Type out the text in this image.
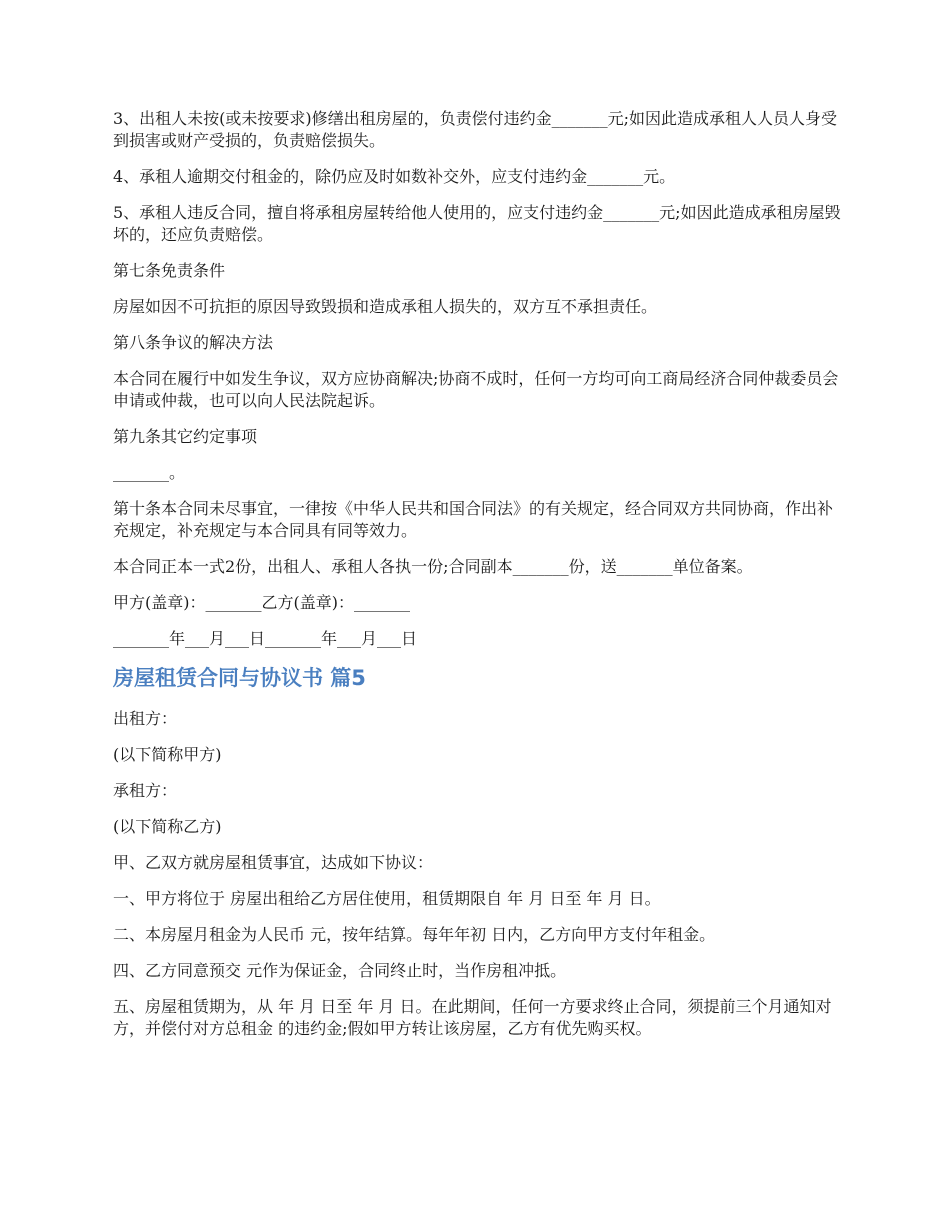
3、出租人未按(或未按要求)修缮出租房屋的，负责偿付违约金_______元;如因此造成承租人人员人身受到损害或财产受损的，负责赔偿损失。

4、承租人逾期交付租金的，除仍应及时如数补交外，应支付违约金_______元。

5、承租人违反合同，擅自将承租房屋转给他人使用的，应支付违约金_______元;如因此造成承租房屋毁坏的，还应负责赔偿。

第七条免责条件

房屋如因不可抗拒的原因导致毁损和造成承租人损失的，双方互不承担责任。

第八条争议的解决方法

本合同在履行中如发生争议，双方应协商解决;协商不成时，任何一方均可向工商局经济合同仲裁委员会申请或仲裁，也可以向人民法院起诉。

第九条其它约定事项

_______。

第十条本合同未尽事宜，一律按《中华人民共和国合同法》的有关规定，经合同双方共同协商，作出补充规定，补充规定与本合同具有同等效力。

本合同正本一式2份，出租人、承租人各执一份;合同副本_______份，送_______单位备案。

甲方(盖章)：_______乙方(盖章)：_______

_______年___月___日_______年___月___日

房屋租赁合同与协议书 篇5

出租方：

(以下简称甲方)

承租方：

(以下简称乙方)

甲、乙双方就房屋租赁事宜，达成如下协议：

一、甲方将位于 房屋出租给乙方居住使用，租赁期限自 年 月 日至 年 月 日。

二、本房屋月租金为人民币 元，按年结算。每年年初 日内，乙方向甲方支付年租金。

四、乙方同意预交 元作为保证金，合同终止时，当作房租冲抵。

五、房屋租赁期为，从 年 月 日至 年 月 日。在此期间，任何一方要求终止合同，须提前三个月通知对方，并偿付对方总租金 的违约金;假如甲方转让该房屋，乙方有优先购买权。
